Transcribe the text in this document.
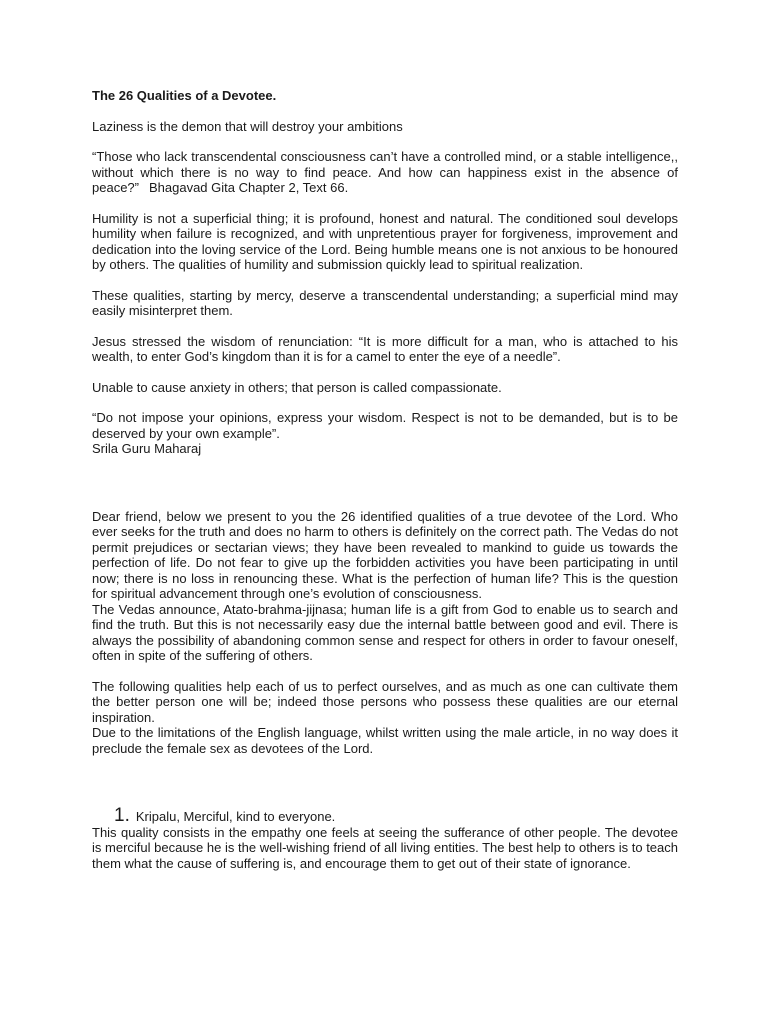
The 26 Qualities of a Devotee.

Laziness is the demon that will destroy your ambitions

“Those who lack transcendental consciousness can’t have a controlled mind, or a stable intelligence,, without which there is no way to find peace. And how can happiness exist in the absence of peace?” Bhagavad Gita Chapter 2, Text 66.

Humility is not a superficial thing; it is profound, honest and natural. The conditioned soul develops humility when failure is recognized, and with unpretentious prayer for forgiveness, improvement and dedication into the loving service of the Lord. Being humble means one is not anxious to be honoured by others. The qualities of humility and submission quickly lead to spiritual realization.

These qualities, starting by mercy, deserve a transcendental understanding; a superficial mind may easily misinterpret them.

Jesus stressed the wisdom of renunciation: “It is more difficult for a man, who is attached to his wealth, to enter God’s kingdom than it is for a camel to enter the eye of a needle”.

Unable to cause anxiety in others; that person is called compassionate.

“Do not impose your opinions, express your wisdom. Respect is not to be demanded, but is to be deserved by your own example”.

Srila Guru Maharaj

Dear friend, below we present to you the 26 identified qualities of a true devotee of the Lord. Who ever seeks for the truth and does no harm to others is definitely on the correct path. The Vedas do not permit prejudices or sectarian views; they have been revealed to mankind to guide us towards the perfection of life. Do not fear to give up the forbidden activities you have been participating in until now; there is no loss in renouncing these. What is the perfection of human life? This is the question for spiritual advancement through one’s evolution of consciousness.

The Vedas announce, Atato-brahma-jijnasa; human life is a gift from God to enable us to search and find the truth. But this is not necessarily easy due the internal battle between good and evil. There is always the possibility of abandoning common sense and respect for others in order to favour oneself, often in spite of the suffering of others.

The following qualities help each of us to perfect ourselves, and as much as one can cultivate them the better person one will be; indeed those persons who possess these qualities are our eternal inspiration.

Due to the limitations of the English language, whilst written using the male article, in no way does it preclude the female sex as devotees of the Lord.

1. Kripalu, Merciful, kind to everyone.

This quality consists in the empathy one feels at seeing the sufferance of other people. The devotee is merciful because he is the well-wishing friend of all living entities. The best help to others is to teach them what the cause of suffering is, and encourage them to get out of their state of ignorance.
